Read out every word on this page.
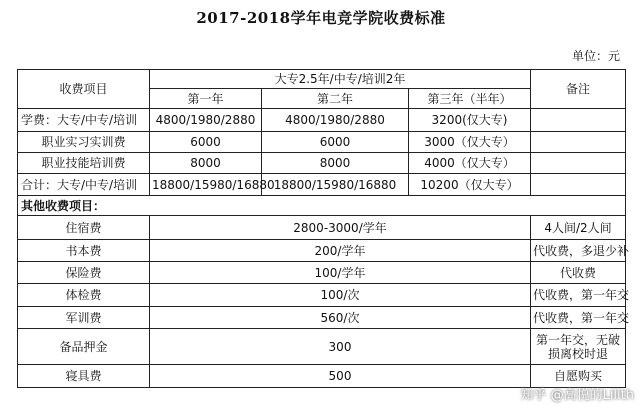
2017-2018学年电竞学院收费标准
单位：元
收费项目	大专2.5年/中专/培训2年			备注
	第一年	第二年	第三年（半年）	
学费：大专/中专/培训	4800/1980/2880	4800/1980/2880	3200(仅大专)	
职业实习实训费	6000	6000	3000（仅大专）	
职业技能培训费	8000	8000	4000（仅大专）	
合计：大专/中专/培训	18800/15980/16880	18800/15980/16880	10200（仅大专）	
其他收费项目：				
住宿费	2800-3000/学年			4人间/2人间
书本费	200/学年			代收费，多退少补
保险费	100/学年			代收费
体检费	100/次			代收费，第一年交
军训费	560/次			代收费，第一年交
备品押金	300			第一年交，无破损离校时退
寝具费	500			自愿购买
知乎 @高悦的Lilith
